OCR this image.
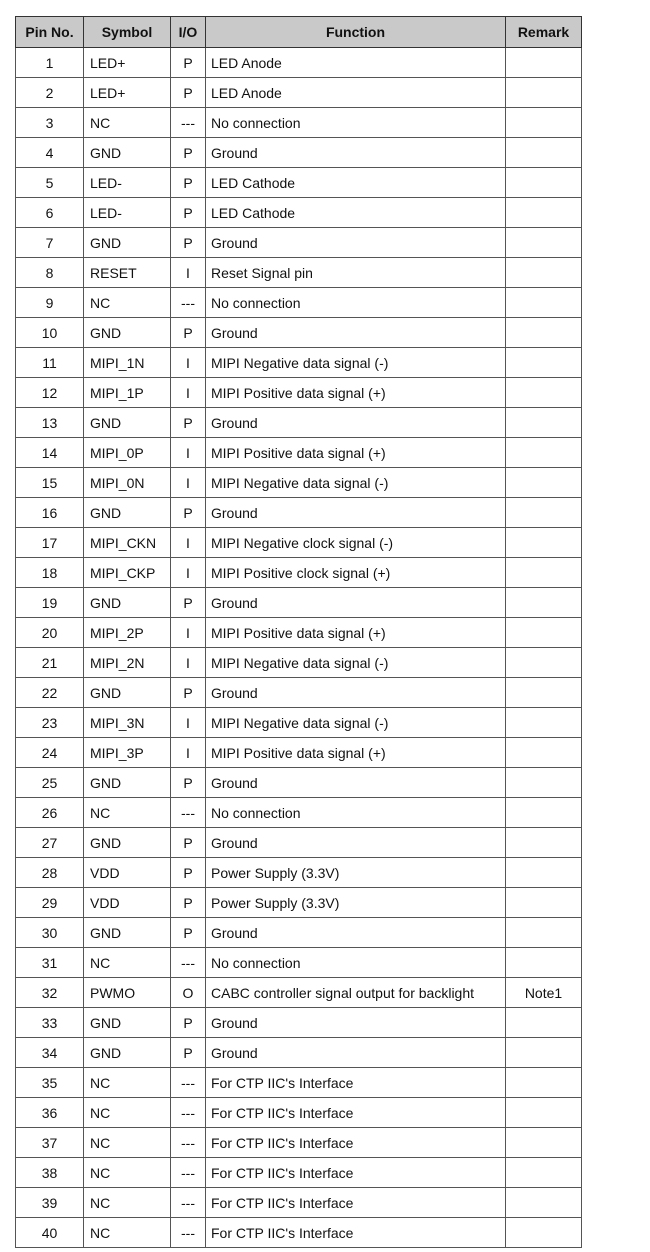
Pin No.	Symbol	I/O	Function	Remark
1	LED+	P	LED Anode	
2	LED+	P	LED Anode	
3	NC	---	No connection	
4	GND	P	Ground	
5	LED-	P	LED Cathode	
6	LED-	P	LED Cathode	
7	GND	P	Ground	
8	RESET	I	Reset Signal pin	
9	NC	---	No connection	
10	GND	P	Ground	
11	MIPI_1N	I	MIPI Negative data signal (-)	
12	MIPI_1P	I	MIPI Positive data signal (+)	
13	GND	P	Ground	
14	MIPI_0P	I	MIPI Positive data signal (+)	
15	MIPI_0N	I	MIPI Negative data signal (-)	
16	GND	P	Ground	
17	MIPI_CKN	I	MIPI Negative clock signal (-)	
18	MIPI_CKP	I	MIPI Positive clock signal (+)	
19	GND	P	Ground	
20	MIPI_2P	I	MIPI Positive data signal (+)	
21	MIPI_2N	I	MIPI Negative data signal (-)	
22	GND	P	Ground	
23	MIPI_3N	I	MIPI Negative data signal (-)	
24	MIPI_3P	I	MIPI Positive data signal (+)	
25	GND	P	Ground	
26	NC	---	No connection	
27	GND	P	Ground	
28	VDD	P	Power Supply (3.3V)	
29	VDD	P	Power Supply (3.3V)	
30	GND	P	Ground	
31	NC	---	No connection	
32	PWMO	O	CABC controller signal output for backlight	Note1
33	GND	P	Ground	
34	GND	P	Ground	
35	NC	---	For CTP IIC's Interface	
36	NC	---	For CTP IIC's Interface	
37	NC	---	For CTP IIC's Interface	
38	NC	---	For CTP IIC's Interface	
39	NC	---	For CTP IIC's Interface	
40	NC	---	For CTP IIC's Interface	
